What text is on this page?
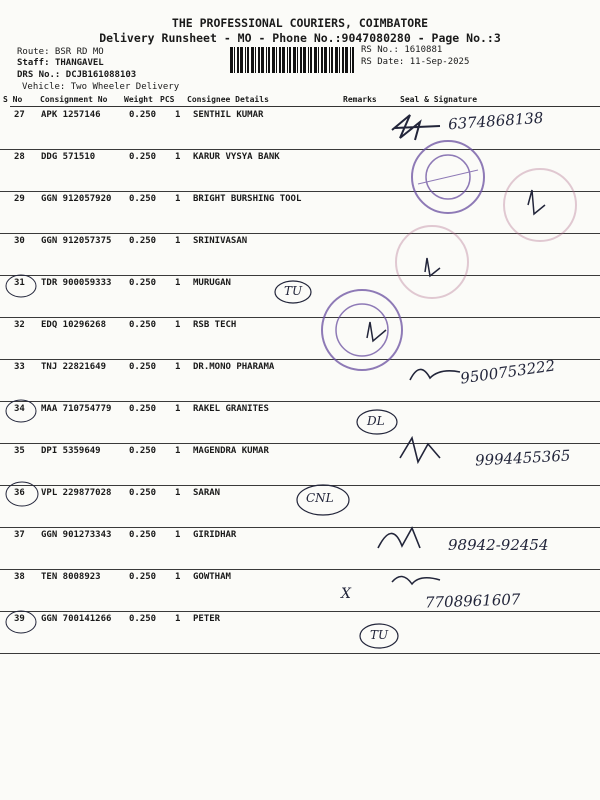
THE PROFESSIONAL COURIERS, COIMBATORE
Delivery Runsheet - MO - Phone No.:9047080280 - Page No.:3
Route: BSR RD MO
Staff: THANGAVEL
DRS No.: DCJB161088103
Vehicle: Two Wheeler Delivery
RS No.: 1610881
RS Date: 11-Sep-2025
S No Consignment No Weight PCS Consignee Details	Remarks	Seal & Signature
27 APK 1257146	0.250 1 SENTHIL KUMAR
28 DDG 571510	0.250 1 KARUR VYSYA BANK
29 GGN 912057920 0.250 1 BRIGHT BURSHING TOOL
30 GGN 912057375 0.250 1 SRINIVASAN
31 TDR 900059333 0.250 1 MURUGAN
32 EDQ 10296268	0.250 1 RSB TECH
33 TNJ 22821649	0.250 1 DR.MONO PHARAMA
34 MAA 710754779 0.250 1 RAKEL GRANITES
35 DPI 5359649	0.250 1 MAGENDRA KUMAR
36 VPL 229877028 0.250 1 SARAN
37 GGN 901273343 0.250 1 GIRIDHAR
38 TEN 8008923	0.250 1 GOWTHAM
39 GGN 700141266 0.250 1 PETER
6374868138
9500753222
9994455365
98942-92454
7708961607
TU
DL
CNL
TU
X
